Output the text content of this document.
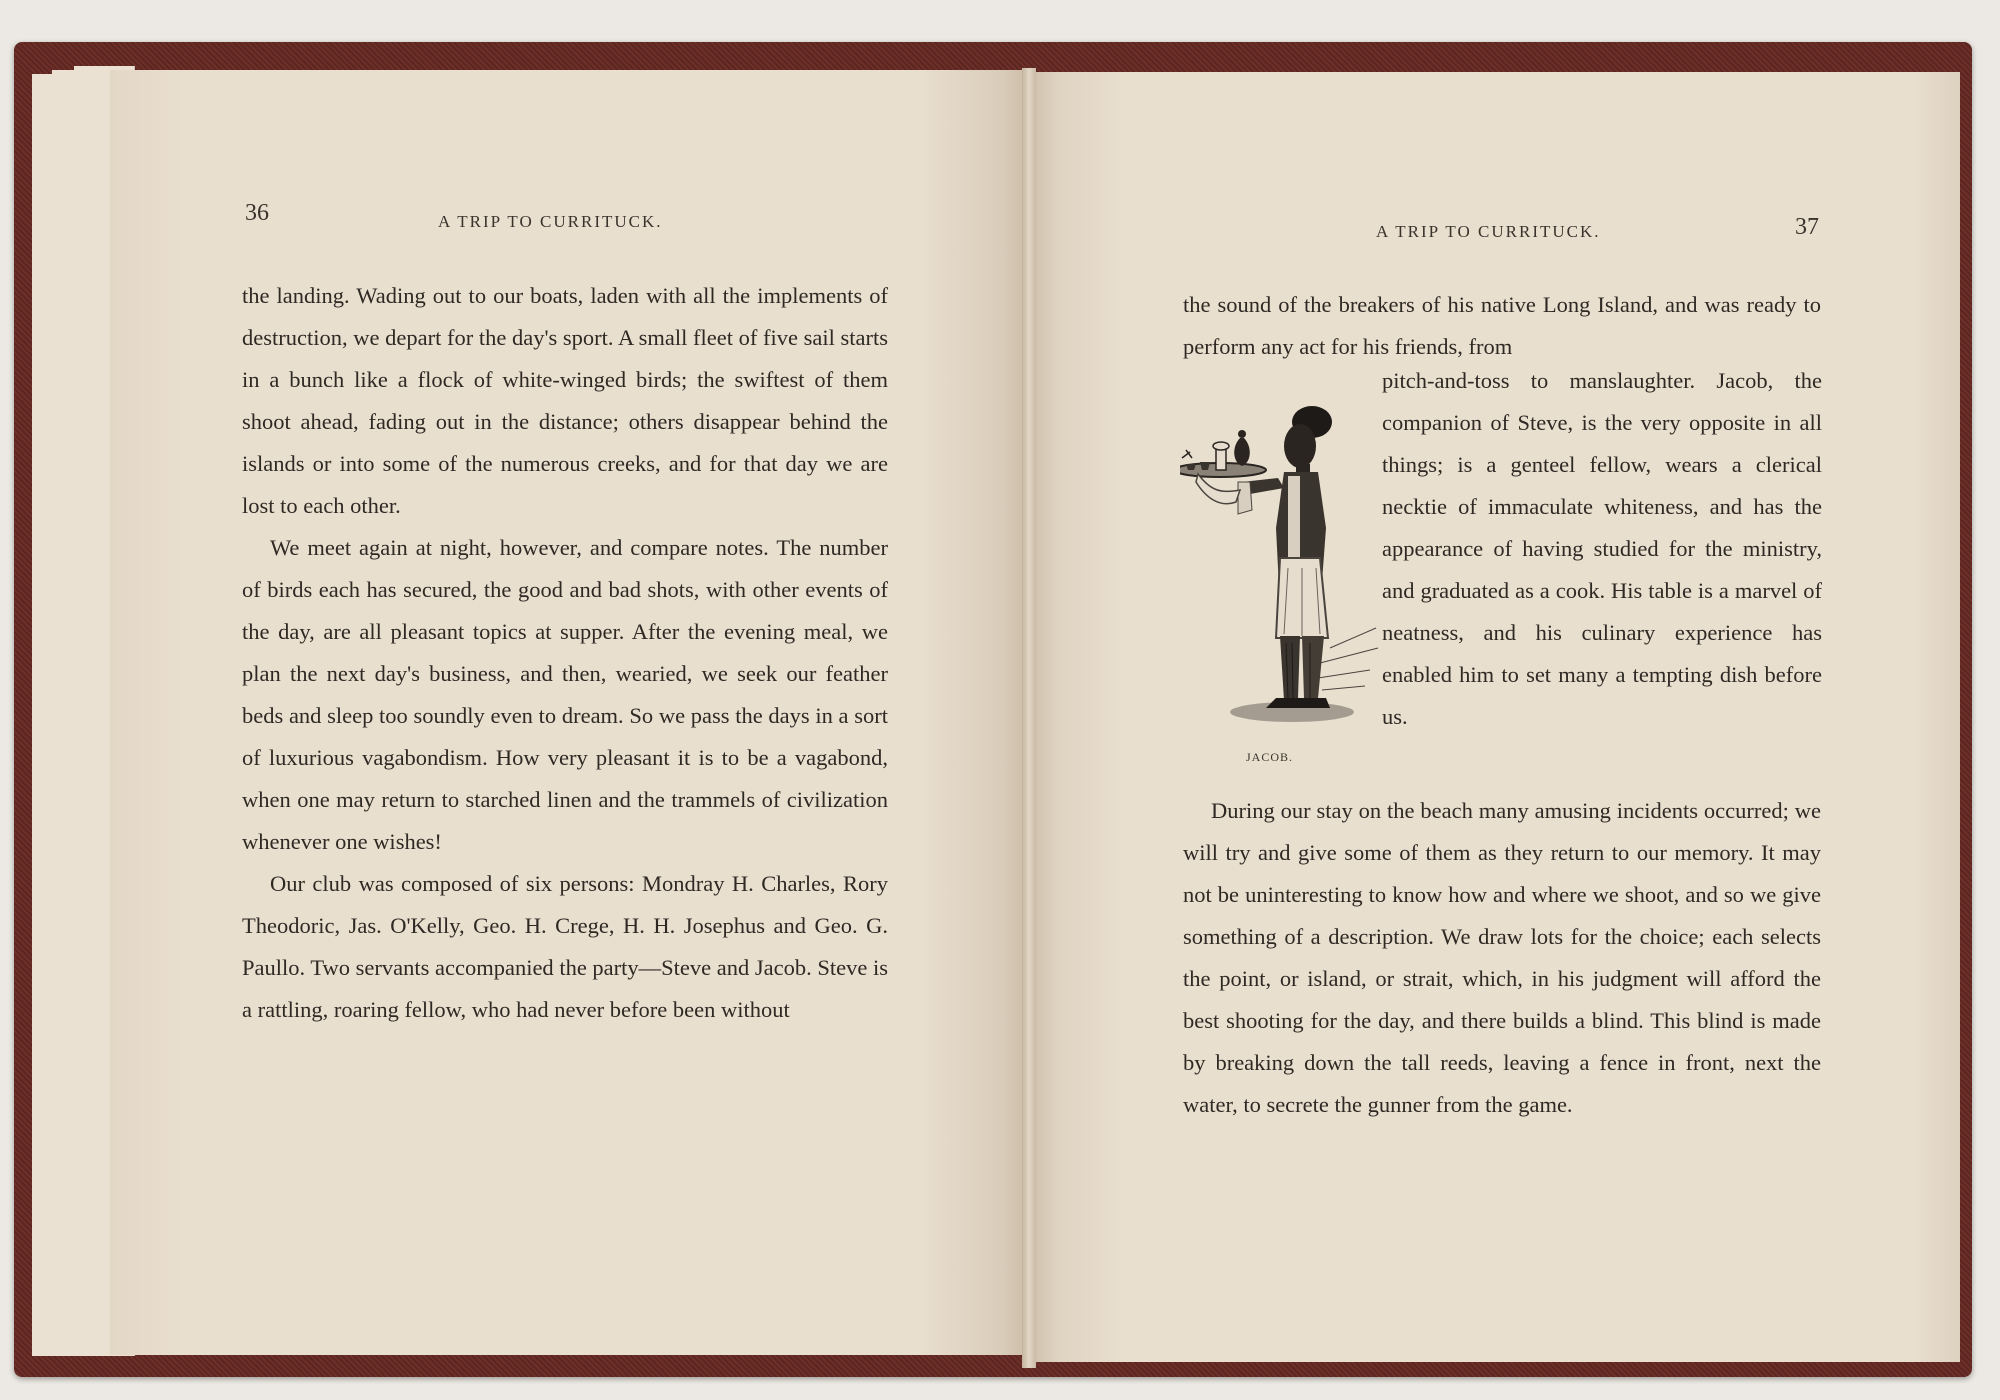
36	A TRIP TO CURRITUCK.

the landing. Wading out to our boats, laden with all the implements of destruction, we depart for the day's sport. A small fleet of five sail starts in a bunch like a flock of white-winged birds; the swiftest of them shoot ahead, fading out in the distance; others disappear behind the islands or into some of the numerous creeks, and for that day we are lost to each other.

We meet again at night, however, and compare notes. The number of birds each has secured, the good and bad shots, with other events of the day, are all pleasant topics at supper. After the evening meal, we plan the next day's business, and then, wearied, we seek our feather beds and sleep too soundly even to dream. So we pass the days in a sort of luxurious vagabondism. How very pleasant it is to be a vagabond, when one may return to starched linen and the trammels of civilization whenever one wishes!

Our club was composed of six persons: Mondray H. Charles, Rory Theodoric, Jas. O'Kelly, Geo. H. Crege, H. H. Josephus and Geo. G. Paullo. Two servants accompanied the party—Steve and Jacob. Steve is a rattling, roaring fellow, who had never before been without

A TRIP TO CURRITUCK.	37

the sound of the breakers of his native Long Island, and was ready to perform any act for his friends, from

pitch-and-toss to manslaughter. Jacob, the companion of Steve, is the very opposite in all things; is a genteel fellow, wears a clerical necktie of immaculate whiteness, and has the appearance of having studied for the ministry, and graduated as a cook. His table is a marvel of neatness, and his culinary experience has enabled him to set many a tempting dish before us.

JACOB.

During our stay on the beach many amusing incidents occurred; we will try and give some of them as they return to our memory. It may not be uninteresting to know how and where we shoot, and so we give something of a description. We draw lots for the choice; each selects the point, or island, or strait, which, in his judgment will afford the best shooting for the day, and there builds a blind. This blind is made by breaking down the tall reeds, leaving a fence in front, next the water, to secrete the gunner from the game.
